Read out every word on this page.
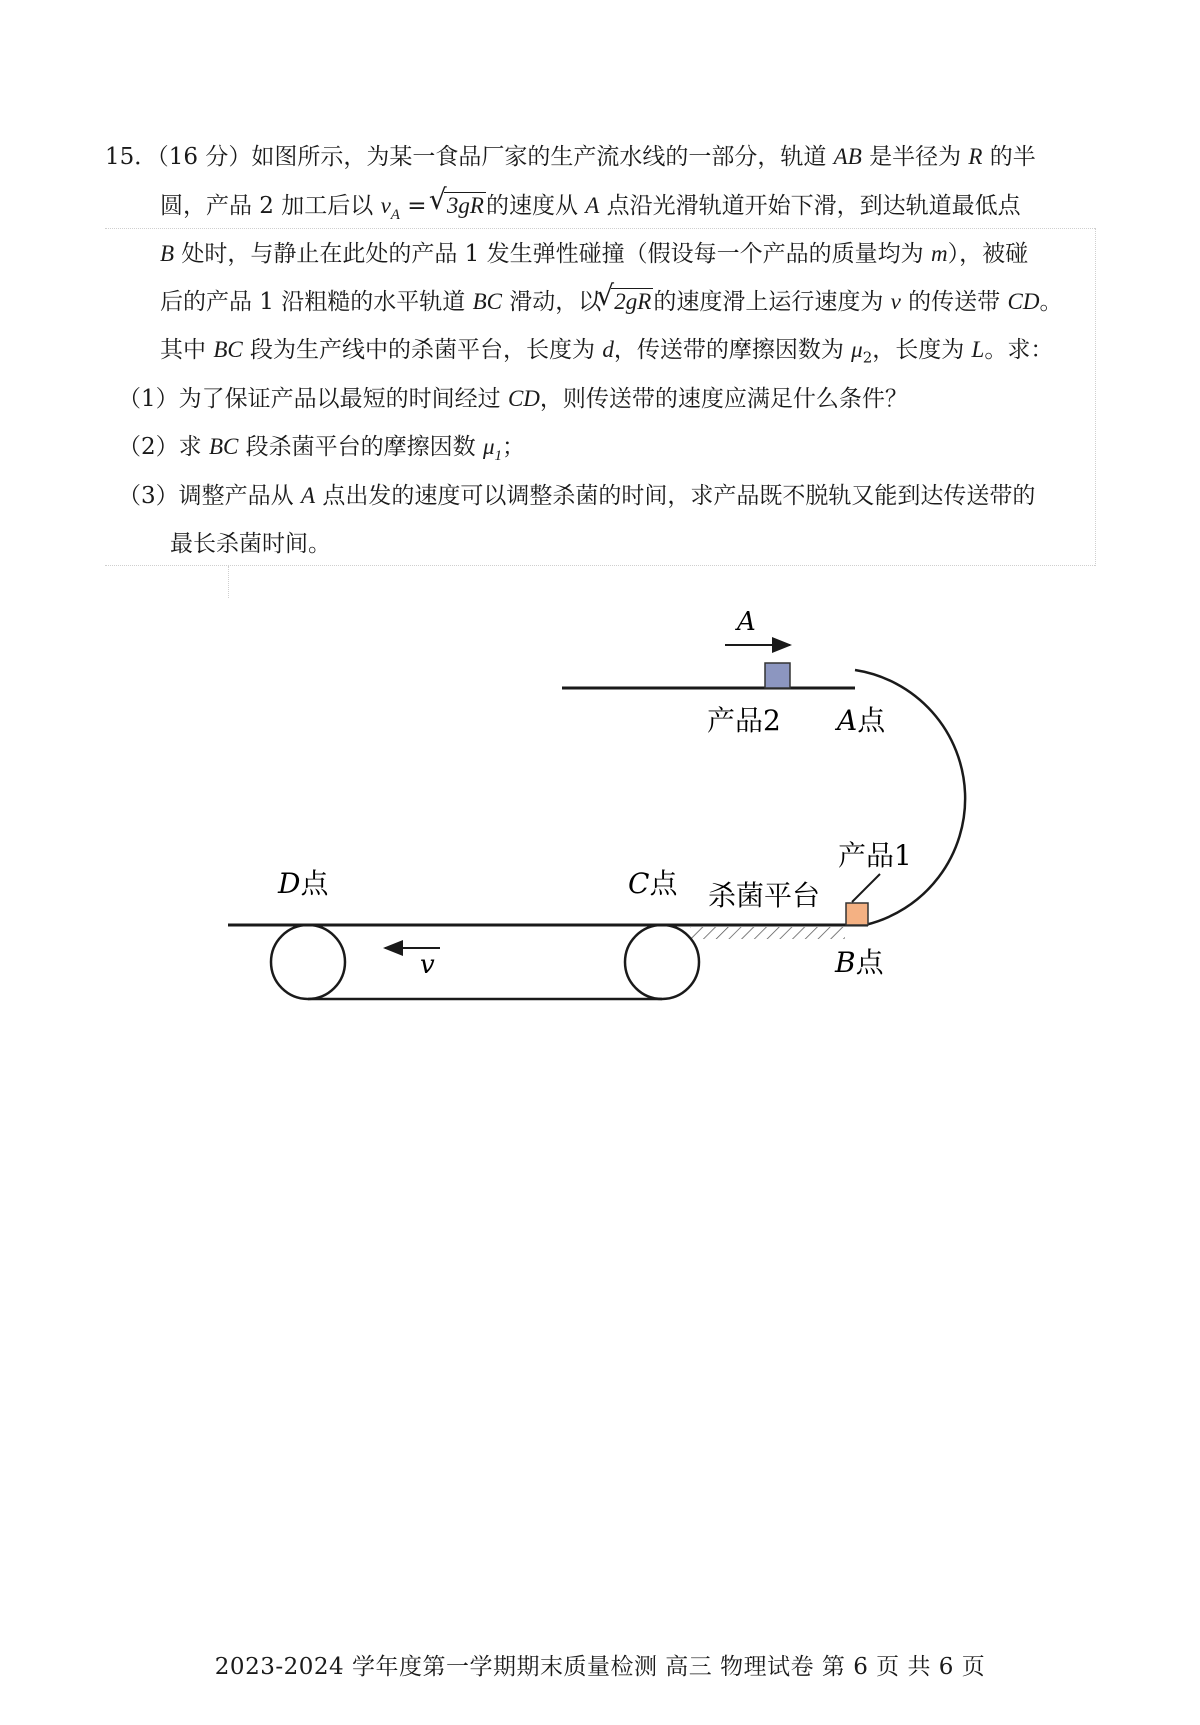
15．（16 分）如图所示，为某一食品厂家的生产流水线的一部分，轨道 AB 是半径为 R 的半
圆，产品 2 加工后以 $v_A$ = √ 3gR的速度从 A 点沿光滑轨道开始下滑，到达轨道最低点
B 处时，与静止在此处的产品 1 发生弹性碰撞（假设每一个产品的质量均为 m），被碰
后的产品 1 沿粗糙的水平轨道 BC 滑动，以√ 2gR的速度滑上运行速度为 v 的传送带 CD。
其中 BC 段为生产线中的杀菌平台，长度为 d，传送带的摩擦因数为 $\mu_2$，长度为 L。求：
（1）为了保证产品以最短的时间经过 CD，则传送带的速度应满足什么条件？
（2）求 BC 段杀菌平台的摩擦因数 $\mu_1$；
（3）调整产品从 A 点出发的速度可以调整杀菌的时间，求产品既不脱轨又能到达传送带的
最长杀菌时间。
A
产品2 A点
v
产品1
D点	C点 杀菌平台
B点
2023-2024 学年度第一学期期末质量检测 高三 物理试卷 第 6 页 共 6 页
